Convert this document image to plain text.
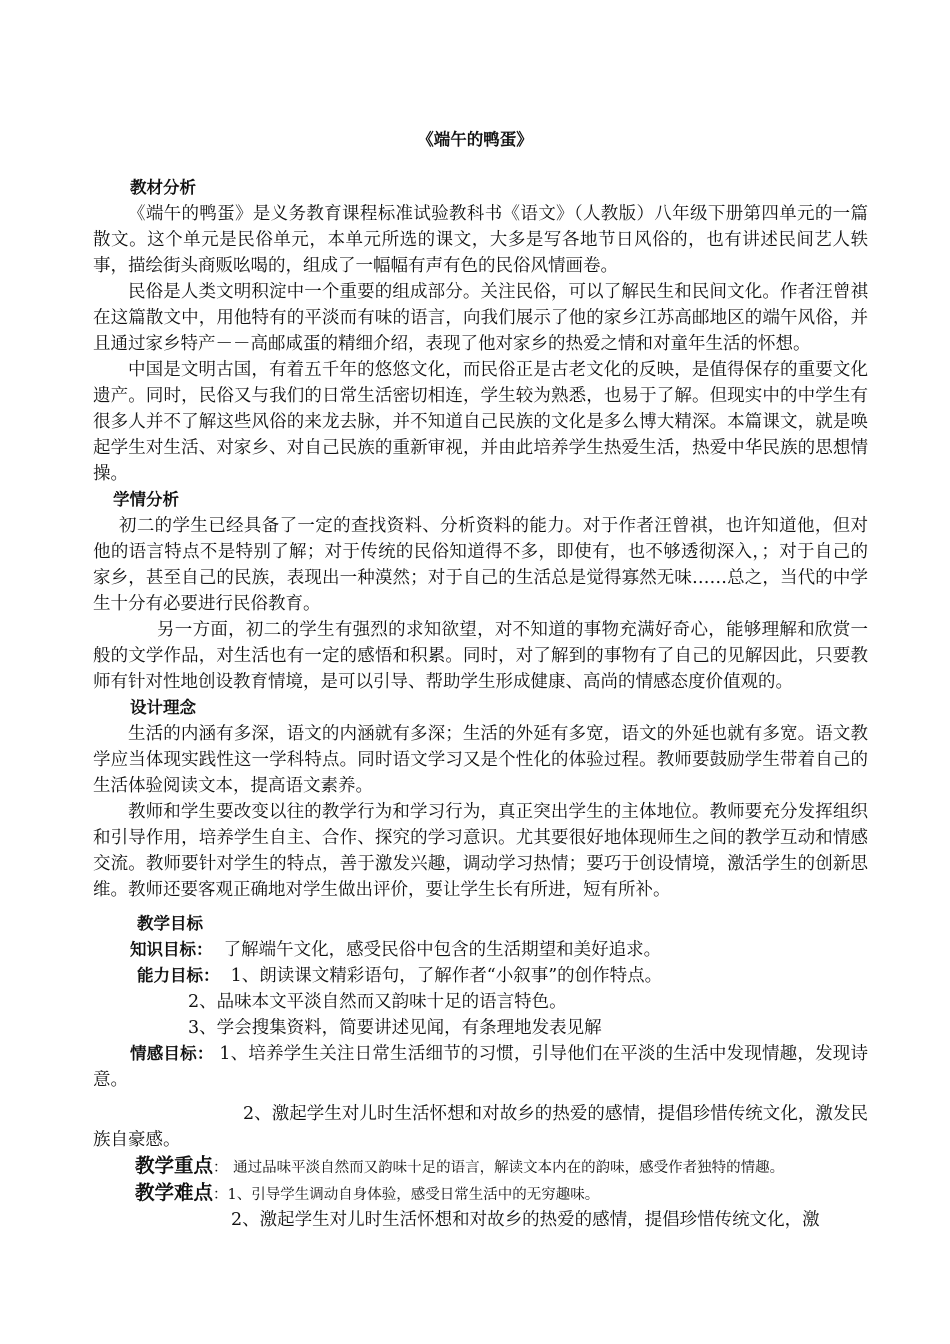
《端午的鸭蛋》
教材分析

《端午的鸭蛋》是义务教育课程标准试验教科书《语文》（人教版）八年级下册第四单元的一篇散文。这个单元是民俗单元，本单元所选的课文，大多是写各地节日风俗的，也有讲述民间艺人轶事，描绘街头商贩吆喝的，组成了一幅幅有声有色的民俗风情画卷。

民俗是人类文明积淀中一个重要的组成部分。关注民俗，可以了解民生和民间文化。作者汪曾祺在这篇散文中，用他特有的平淡而有味的语言，向我们展示了他的家乡江苏高邮地区的端午风俗，并且通过家乡特产－－高邮咸蛋的精细介绍，表现了他对家乡的热爱之情和对童年生活的怀想。

中国是文明古国，有着五千年的悠悠文化，而民俗正是古老文化的反映，是值得保存的重要文化遗产。同时，民俗又与我们的日常生活密切相连，学生较为熟悉，也易于了解。但现实中的中学生有很多人并不了解这些风俗的来龙去脉，并不知道自己民族的文化是多么博大精深。本篇课文，就是唤起学生对生活、对家乡、对自己民族的重新审视，并由此培养学生热爱生活，热爱中华民族的思想情操。

学情分析

初二的学生已经具备了一定的查找资料、分析资料的能力。对于作者汪曾祺，也许知道他，但对他的语言特点不是特别了解；对于传统的民俗知道得不多，即使有，也不够透彻深入，；对于自己的家乡，甚至自己的民族，表现出一种漠然；对于自己的生活总是觉得寡然无味……总之，当代的中学生十分有必要进行民俗教育。

另一方面，初二的学生有强烈的求知欲望，对不知道的事物充满好奇心，能够理解和欣赏一般的文学作品，对生活也有一定的感悟和积累。同时，对了解到的事物有了自己的见解因此，只要教师有针对性地创设教育情境，是可以引导、帮助学生形成健康、高尚的情感态度价值观的。

设计理念

生活的内涵有多深，语文的内涵就有多深；生活的外延有多宽，语文的外延也就有多宽。语文教学应当体现实践性这一学科特点。同时语文学习又是个性化的体验过程。教师要鼓励学生带着自己的生活体验阅读文本，提高语文素养。

教师和学生要改变以往的教学行为和学习行为，真正突出学生的主体地位。教师要充分发挥组织和引导作用，培养学生自主、合作、探究的学习意识。尤其要很好地体现师生之间的教学互动和情感交流。教师要针对学生的特点，善于激发兴趣，调动学习热情；要巧于创设情境，激活学生的创新思维。教师还要客观正确地对学生做出评价，要让学生长有所进，短有所补。

教学目标
知识目标： 了解端午文化，感受民俗中包含的生活期望和美好追求。
能力目标： 1、朗读课文精彩语句，了解作者“小叙事”的创作特点。
2、品味本文平淡自然而又韵味十足的语言特色。
3、学会搜集资料，简要讲述见闻，有条理地发表见解

情感目标： 1、培养学生关注日常生活细节的习惯，引导他们在平淡的生活中发现情趣，发现诗意。

2、激起学生对儿时生活怀想和对故乡的热爱的感情，提倡珍惜传统文化，激发民族自豪感。

教学重点： 通过品味平淡自然而又韵味十足的语言，解读文本内在的韵味，感受作者独特的情趣。
教学难点：1、引导学生调动自身体验，感受日常生活中的无穷趣味。
2、激起学生对儿时生活怀想和对故乡的热爱的感情，提倡珍惜传统文化，激
